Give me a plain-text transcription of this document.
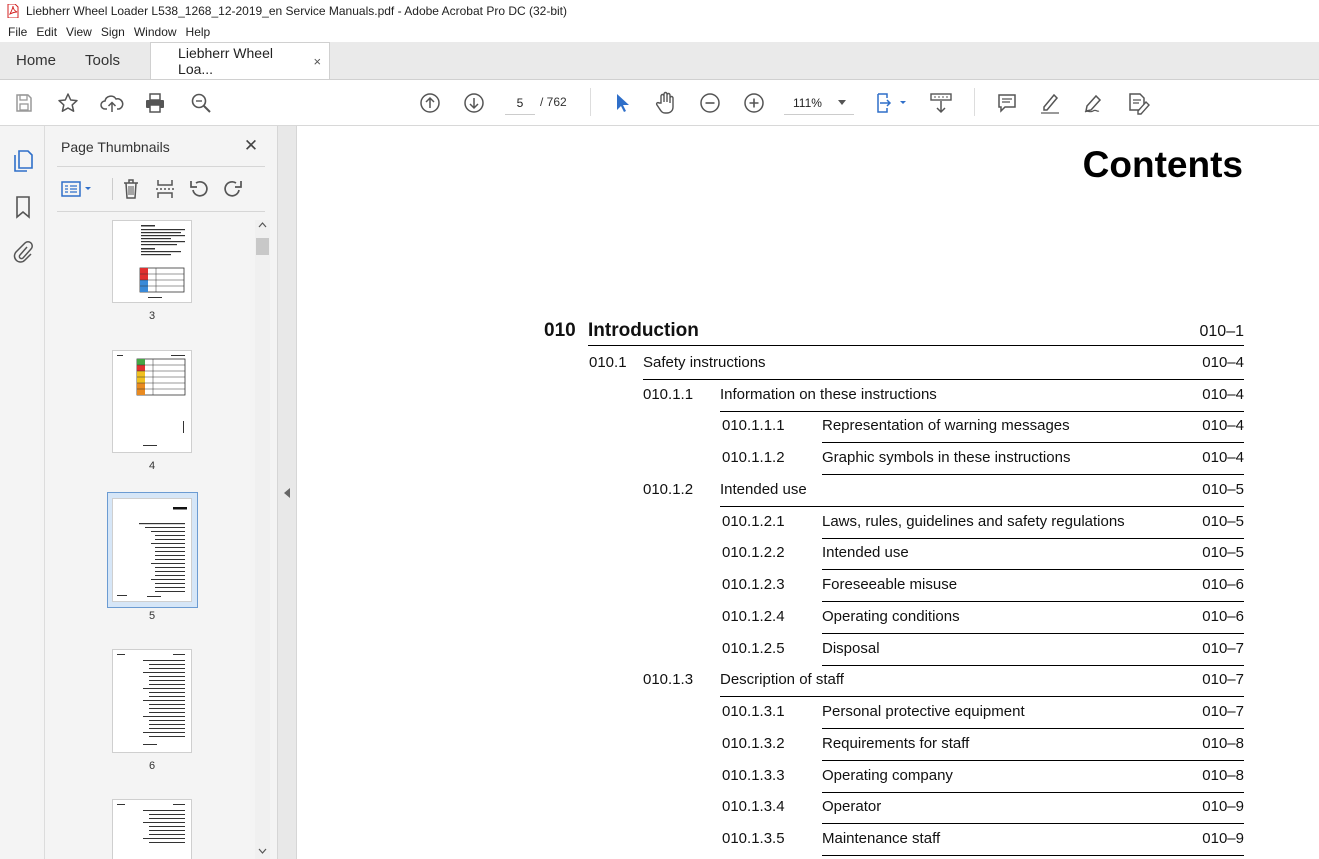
Liebherr Wheel Loader L538_1268_12-2019_en Service Manuals.pdf - Adobe Acrobat Pro DC (32-bit)
File Edit View Sign Window Help
Home	Tools	Liebherr Wheel Loa...	×
5	/ 762	111%
Page Thumbnails	✕
3
4
5
6
Contents
010 Introduction	010–1
010.1 Safety instructions	010–4
010.1.1 Information on these instructions	010–4
010.1.1.1 Representation of warning messages	010–4
010.1.1.2 Graphic symbols in these instructions	010–4
010.1.2 Intended use	010–5
010.1.2.1 Laws, rules, guidelines and safety regulations	010–5
010.1.2.2 Intended use	010–5
010.1.2.3 Foreseeable misuse	010–6
010.1.2.4 Operating conditions	010–6
010.1.2.5 Disposal	010–7
010.1.3 Description of staff	010–7
010.1.3.1 Personal protective equipment	010–7
010.1.3.2 Requirements for staff	010–8
010.1.3.3 Operating company	010–8
010.1.3.4 Operator	010–9
010.1.3.5 Maintenance staff	010–9
